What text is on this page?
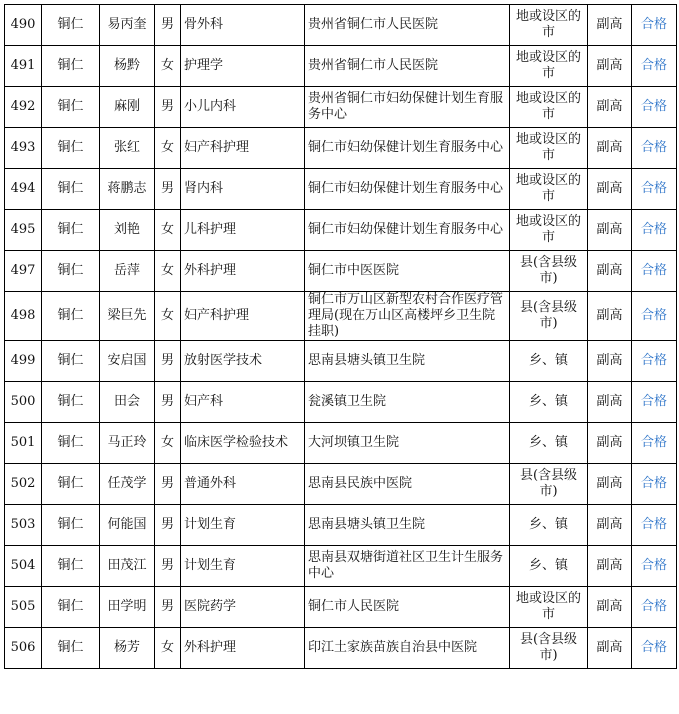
490	铜仁	易丙奎	男	骨外科	贵州省铜仁市人民医院	地或设区的市	副高	合格
491	铜仁	杨黔	女	护理学	贵州省铜仁市人民医院	地或设区的市	副高	合格
492	铜仁	麻刚	男	小儿内科	贵州省铜仁市妇幼保健计划生育服务中心	地或设区的市	副高	合格
493	铜仁	张红	女	妇产科护理	铜仁市妇幼保健计划生育服务中心	地或设区的市	副高	合格
494	铜仁	蒋鹏志	男	肾内科	铜仁市妇幼保健计划生育服务中心	地或设区的市	副高	合格
495	铜仁	刘艳	女	儿科护理	铜仁市妇幼保健计划生育服务中心	地或设区的市	副高	合格
497	铜仁	岳萍	女	外科护理	铜仁市中医医院	县(含县级市)	副高	合格
498	铜仁	梁巨先	女	妇产科护理	铜仁市万山区新型农村合作医疗管理局(现在万山区高楼坪乡卫生院挂职)	县(含县级市)	副高	合格
499	铜仁	安启国	男	放射医学技术	思南县塘头镇卫生院	乡、镇	副高	合格
500	铜仁	田会	男	妇产科	瓮溪镇卫生院	乡、镇	副高	合格
501	铜仁	马正玲	女	临床医学检验技术	大河坝镇卫生院	乡、镇	副高	合格
502	铜仁	任茂学	男	普通外科	思南县民族中医院	县(含县级市)	副高	合格
503	铜仁	何能国	男	计划生育	思南县塘头镇卫生院	乡、镇	副高	合格
504	铜仁	田茂江	男	计划生育	思南县双塘街道社区卫生计生服务中心	乡、镇	副高	合格
505	铜仁	田学明	男	医院药学	铜仁市人民医院	地或设区的市	副高	合格
506	铜仁	杨芳	女	外科护理	印江土家族苗族自治县中医院	县(含县级市)	副高	合格
